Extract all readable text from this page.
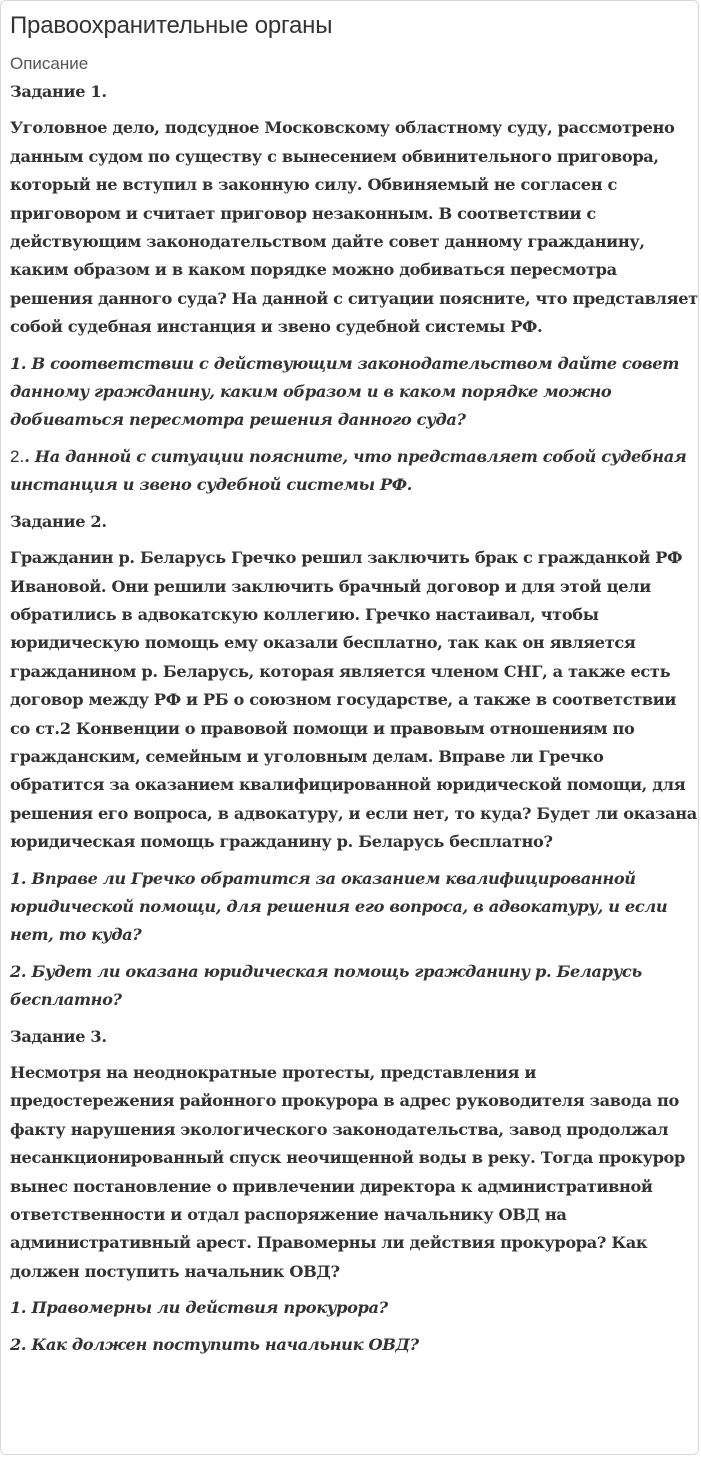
Правоохранительные органы
Описание

Задание 1.

Уголовное дело, подсудное Московскому областному суду, рассмотрено данным судом по существу с вынесением обвинительного приговора, который не вступил в законную силу. Обвиняемый не согласен с приговором и считает приговор незаконным. В соответствии с действующим законодательством дайте совет данному гражданину, каким образом и в каком порядке можно добиваться пересмотра решения данного суда? На данной с ситуации поясните, что представляет собой судебная инстанция и звено судебной системы РФ.

1. В соответствии с действующим законодательством дайте совет данному гражданину, каким образом и в каком порядке можно добиваться пересмотра решения данного суда?

2.. На данной с ситуации поясните, что представляет собой судебная инстанция и звено судебной системы РФ.

Задание 2.

Гражданин р. Беларусь Гречко решил заключить брак с гражданкой РФ Ивановой. Они решили заключить брачный договор и для этой цели обратились в адвокатскую коллегию. Гречко настаивал, чтобы юридическую помощь ему оказали бесплатно, так как он является гражданином р. Беларусь, которая является членом СНГ, а также есть договор между РФ и РБ о союзном государстве, а также в соответствии со ст.2 Конвенции о правовой помощи и правовым отношениям по гражданским, семейным и уголовным делам. Вправе ли Гречко обратится за оказанием квалифицированной юридической помощи, для решения его вопроса, в адвокатуру, и если нет, то куда? Будет ли оказана юридическая помощь гражданину р. Беларусь бесплатно?

1. Вправе ли Гречко обратится за оказанием квалифицированной юридической помощи, для решения его вопроса, в адвокатуру, и если нет, то куда?

2. Будет ли оказана юридическая помощь гражданину р. Беларусь бесплатно?

Задание 3.

Несмотря на неоднократные протесты, представления и предостережения районного прокурора в адрес руководителя завода по факту нарушения экологического законодательства, завод продолжал несанкционированный спуск неочищенной воды в реку. Тогда прокурор вынес постановление о привлечении директора к административной ответственности и отдал распоряжение начальнику ОВД на административный арест. Правомерны ли действия прокурора? Как должен поступить начальник ОВД?

1. Правомерны ли действия прокурора?

2. Как должен поступить начальник ОВД?
